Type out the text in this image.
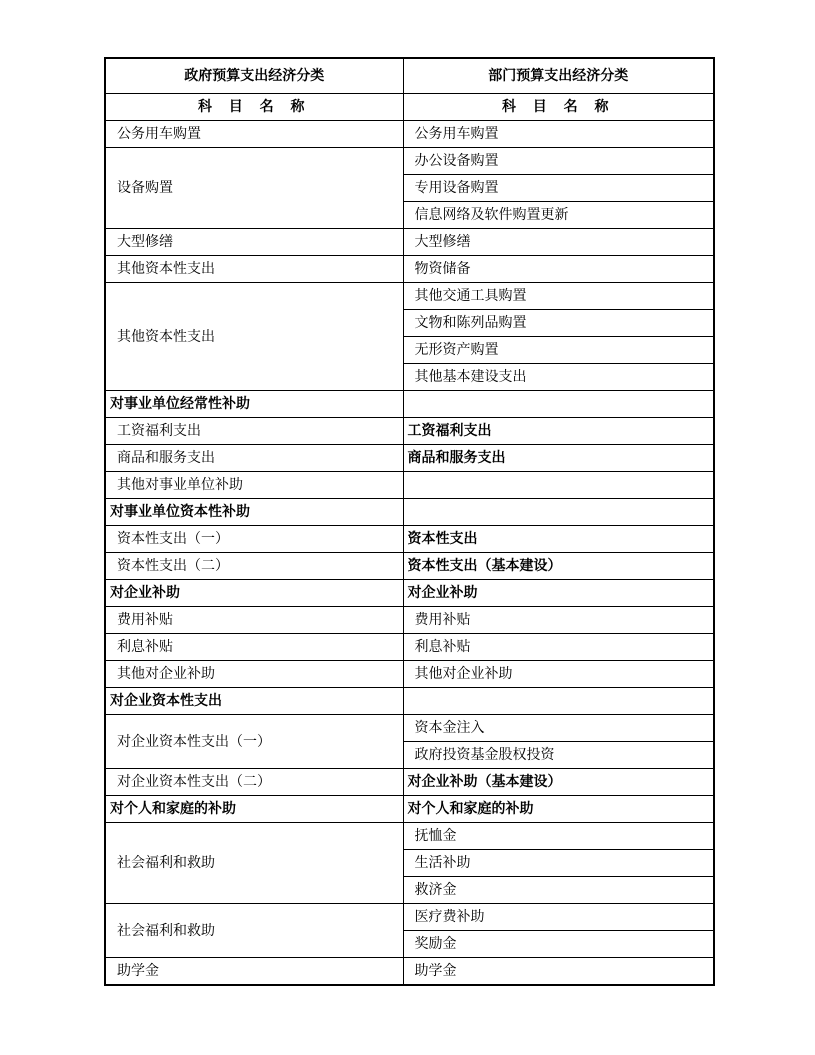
政府预算支出经济分类	部门预算支出经济分类
科 目 名 称	科 目 名 称
公务用车购置	公务用车购置
设备购置	办公设备购置
	专用设备购置
	信息网络及软件购置更新
大型修缮	大型修缮
其他资本性支出	物资储备
其他资本性支出	其他交通工具购置
	文物和陈列品购置
	无形资产购置
	其他基本建设支出
对事业单位经常性补助	
工资福利支出	工资福利支出
商品和服务支出	商品和服务支出
其他对事业单位补助	
对事业单位资本性补助	
资本性支出（一）	资本性支出
资本性支出（二）	资本性支出（基本建设）
对企业补助	对企业补助
费用补贴	费用补贴
利息补贴	利息补贴
其他对企业补助	其他对企业补助
对企业资本性支出	
对企业资本性支出（一）	资本金注入
	政府投资基金股权投资
对企业资本性支出（二）	对企业补助（基本建设）
对个人和家庭的补助	对个人和家庭的补助
社会福利和救助	抚恤金
	生活补助
	救济金
社会福利和救助	医疗费补助
	奖励金
助学金	助学金
